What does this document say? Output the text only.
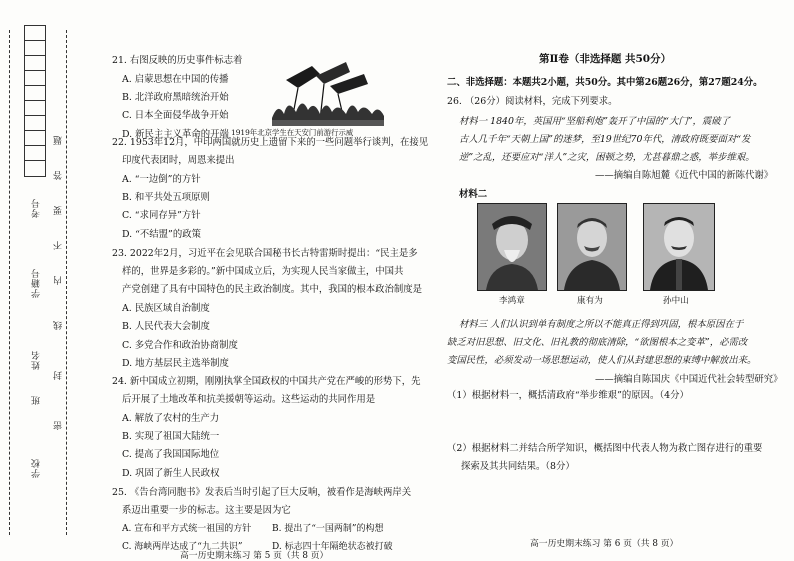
学校
班
姓名
学籍号
考号
密
封
线
内
不
要
答
题
21. 右图反映的历史事件标志着
A. 启蒙思想在中国的传播
B. 北洋政府黑暗统治开始
C. 日本全面侵华战争开始
D. 新民主主义革命的开端 1919年北京学生在天安门前游行示威
22. 1953年12月，中印两国就历史上遗留下来的一些问题举行谈判，在接见
印度代表团时，周恩来提出
A. “一边倒”的方针
B. 和平共处五项原则
C. “求同存异”方针
D. “不结盟”的政策
23. 2022年2月，习近平在会见联合国秘书长古特雷斯时提出：“民主是多
样的，世界是多彩的。”新中国成立后，为实现人民当家做主，中国共
产党创建了具有中国特色的民主政治制度。其中，我国的根本政治制度是
A. 民族区域自治制度
B. 人民代表大会制度
C. 多党合作和政治协商制度
D. 地方基层民主选举制度
24. 新中国成立初期，刚刚执掌全国政权的中国共产党在严峻的形势下，先
后开展了土地改革和抗美援朝等运动。这些运动的共同作用是
A. 解放了农村的生产力
B. 实现了祖国大陆统一
C. 提高了我国国际地位
D. 巩固了新生人民政权
25. 《告台湾同胞书》发表后当时引起了巨大反响，被看作是海峡两岸关
系迈出重要一步的标志。这主要是因为它
A. 宣布和平方式统一祖国的方针 B. 提出了“一国两制”的构想
C. 海峡两岸达成了“九二共识”	D. 标志四十年隔绝状态被打破
高一历史期末练习 第 5 页（共 8 页）
第Ⅱ卷（非选择题 共50分）
二、非选择题：本题共2小题，共50分。其中第26题26分，第27题24分。
26. （26分）阅读材料，完成下列要求。
材料一 1840年，英国用“坚船利炮”轰开了中国的“大门”，震破了
古人几千年“天朝上国”的迷梦，至19世纪70年代，清政府既要面对“发
逆”之乱，还要应对“洋人”之灾，困顿之势，尤甚暮鼎之惑，举步维艰。
——摘编自陈旭麓《近代中国的新陈代谢》
材料二
李鸿章	康有为	孙中山
材料三 人们认识到单有制度之所以不能真正得到巩固，根本原因在于
缺乏对旧思想、旧文化、旧礼教的彻底清除，“欲图根本之变革”，必需改
变国民性，必须发动一场思想运动，使人们从封建思想的束缚中解放出来。
——摘编自陈国庆《中国近代社会转型研究》
（1）根据材料一，概括清政府“举步维艰”的原因。（4分）
（2）根据材料二并结合所学知识，概括图中代表人物为救亡图存进行的重要
探索及其共同结果。（8分）
高一历史期末练习 第 6 页（共 8 页）
